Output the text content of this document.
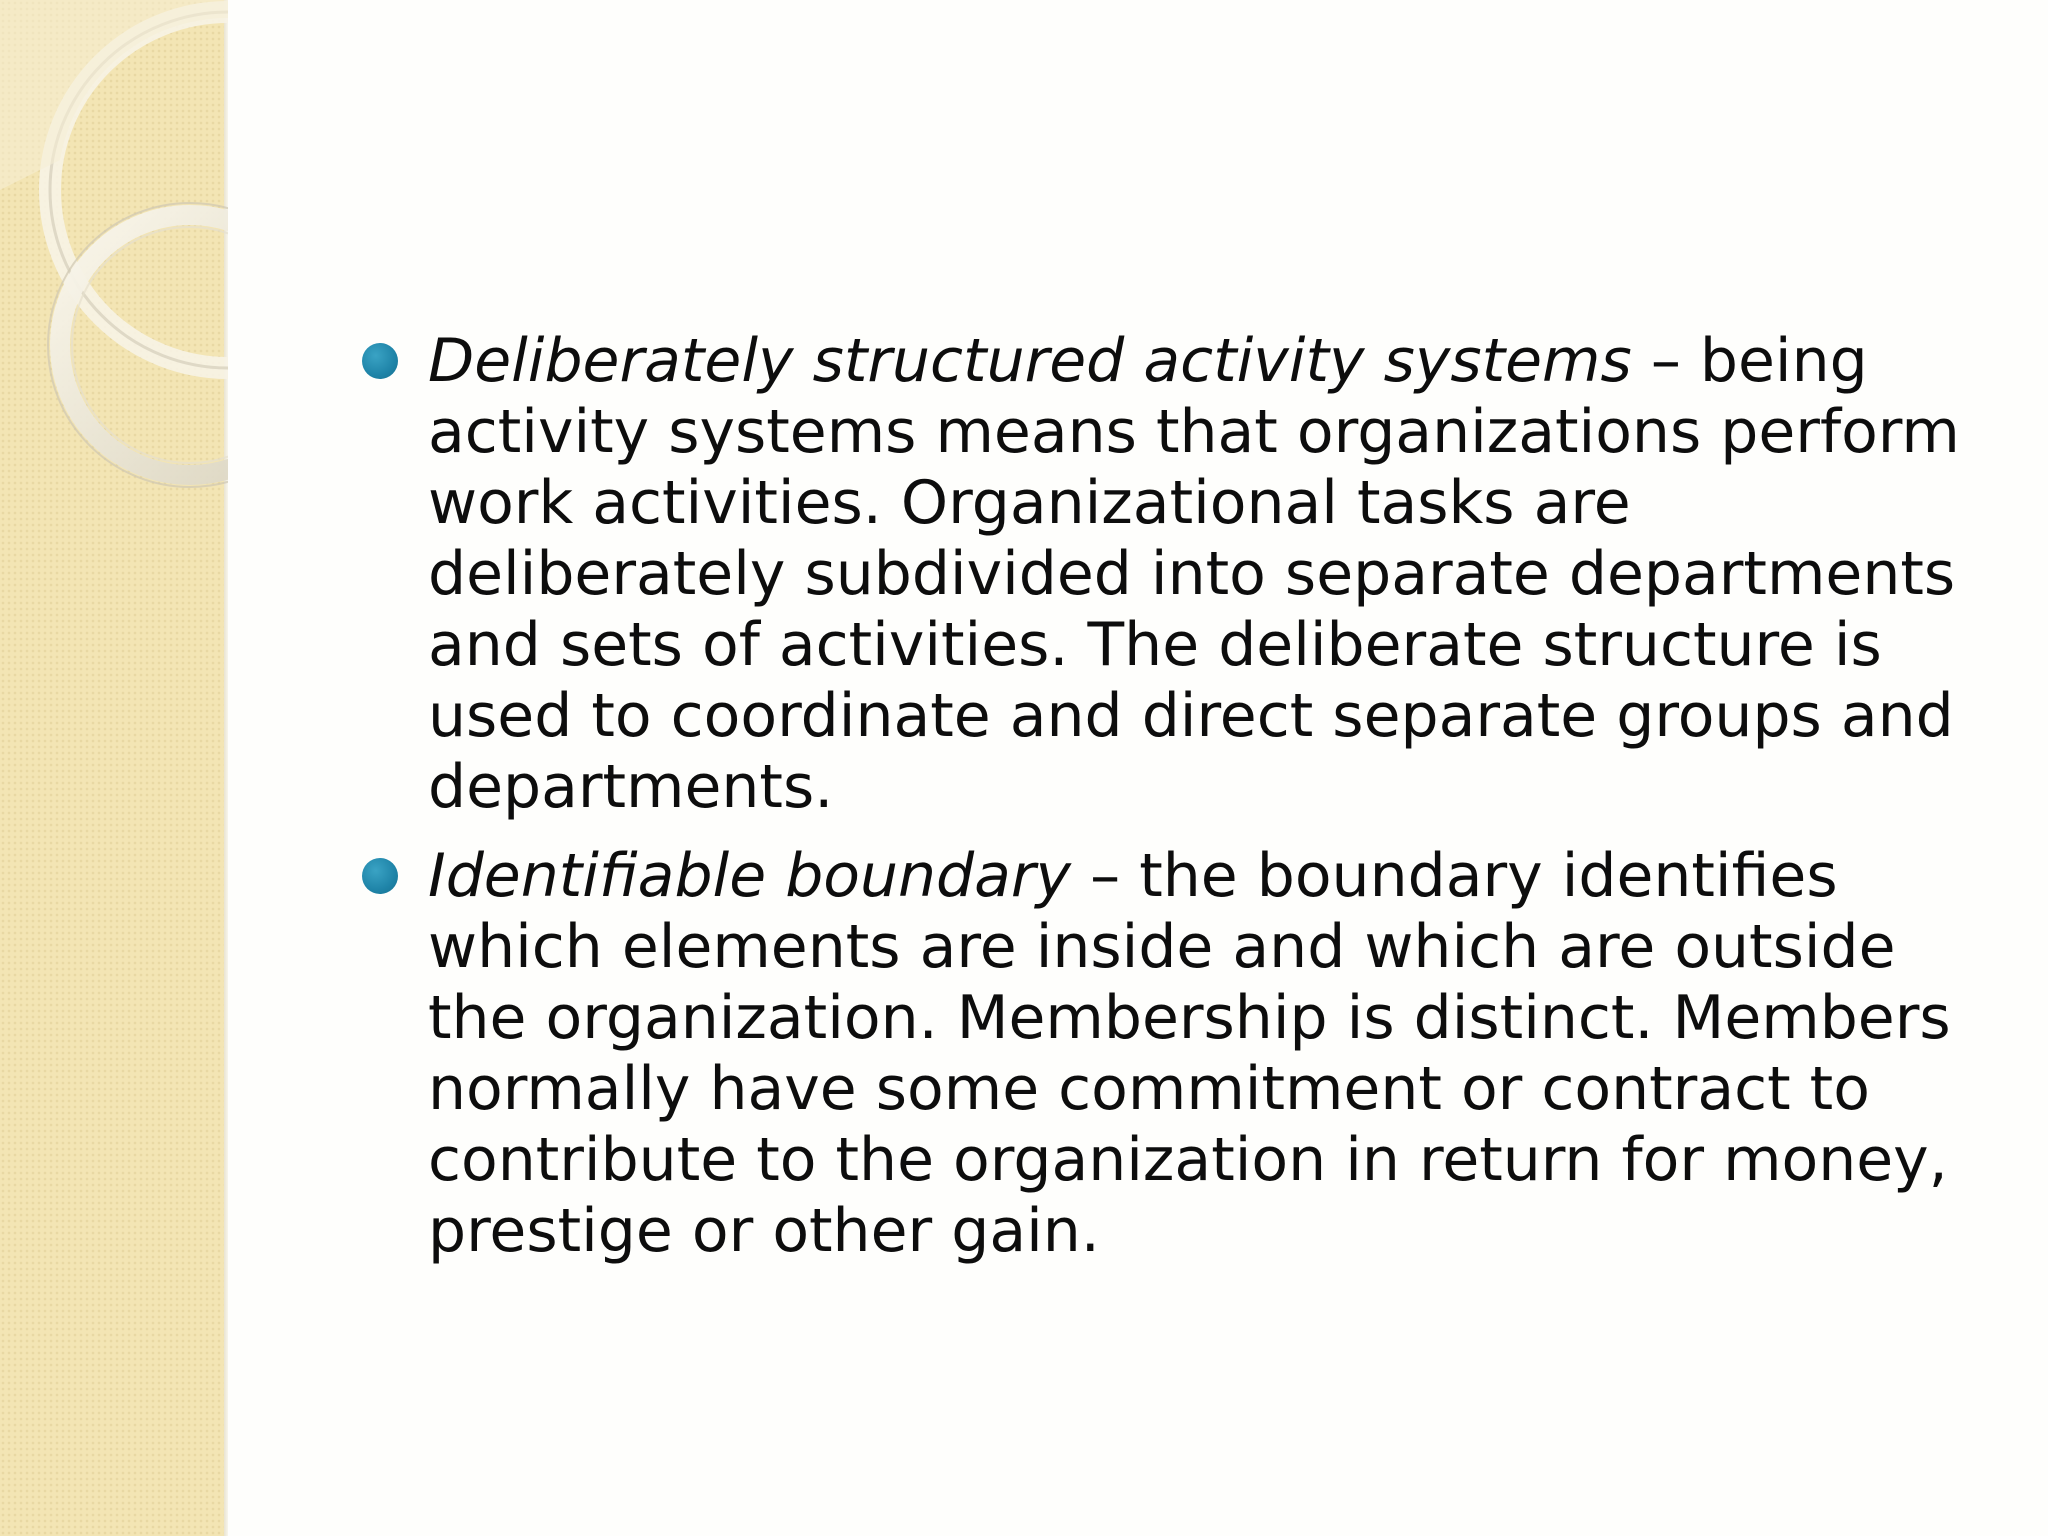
Deliberately structured activity systems – being activity systems means that organizations perform work activities. Organizational tasks are deliberately subdivided into separate departments and sets of activities. The deliberate structure is used to coordinate and direct separate groups and departments.
Identifiable boundary – the boundary identifies which elements are inside and which are outside the organization. Membership is distinct. Members normally have some commitment or contract to contribute to the organization in return for money, prestige or other gain.
